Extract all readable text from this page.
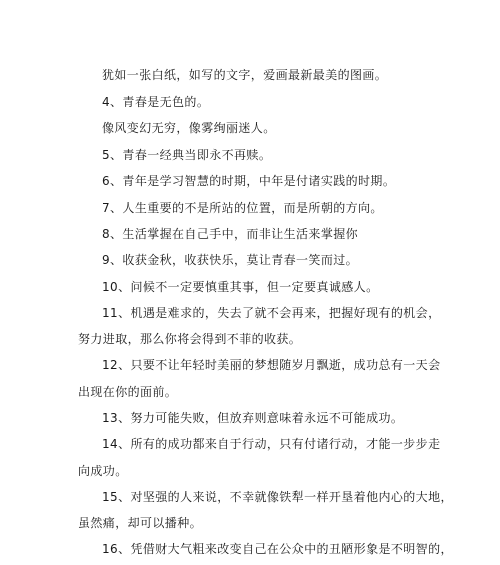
犹如一张白纸，如写的文字，爱画最新最美的图画。
4、青春是无色的。
像风变幻无穷，像雾绚丽迷人。
5、青春一经典当即永不再赎。
6、青年是学习智慧的时期，中年是付诸实践的时期。
7、人生重要的不是所站的位置，而是所朝的方向。
8、生活掌握在自己手中，而非让生活来掌握你
9、收获金秋，收获快乐，莫让青春一笑而过。
10、问候不一定要慎重其事，但一定要真诚感人。
11、机遇是难求的，失去了就不会再来，把握好现有的机会，
努力进取，那么你将会得到不菲的收获。
12、只要不让年轻时美丽的梦想随岁月飘逝，成功总有一天会
出现在你的面前。
13、努力可能失败，但放弃则意味着永远不可能成功。
14、所有的成功都来自于行动，只有付诸行动，才能一步步走
向成功。
15、对坚强的人来说，不幸就像铁犁一样开垦着他内心的大地，
虽然痛，却可以播种。
16、凭借财大气粗来改变自己在公众中的丑陋形象是不明智的，
